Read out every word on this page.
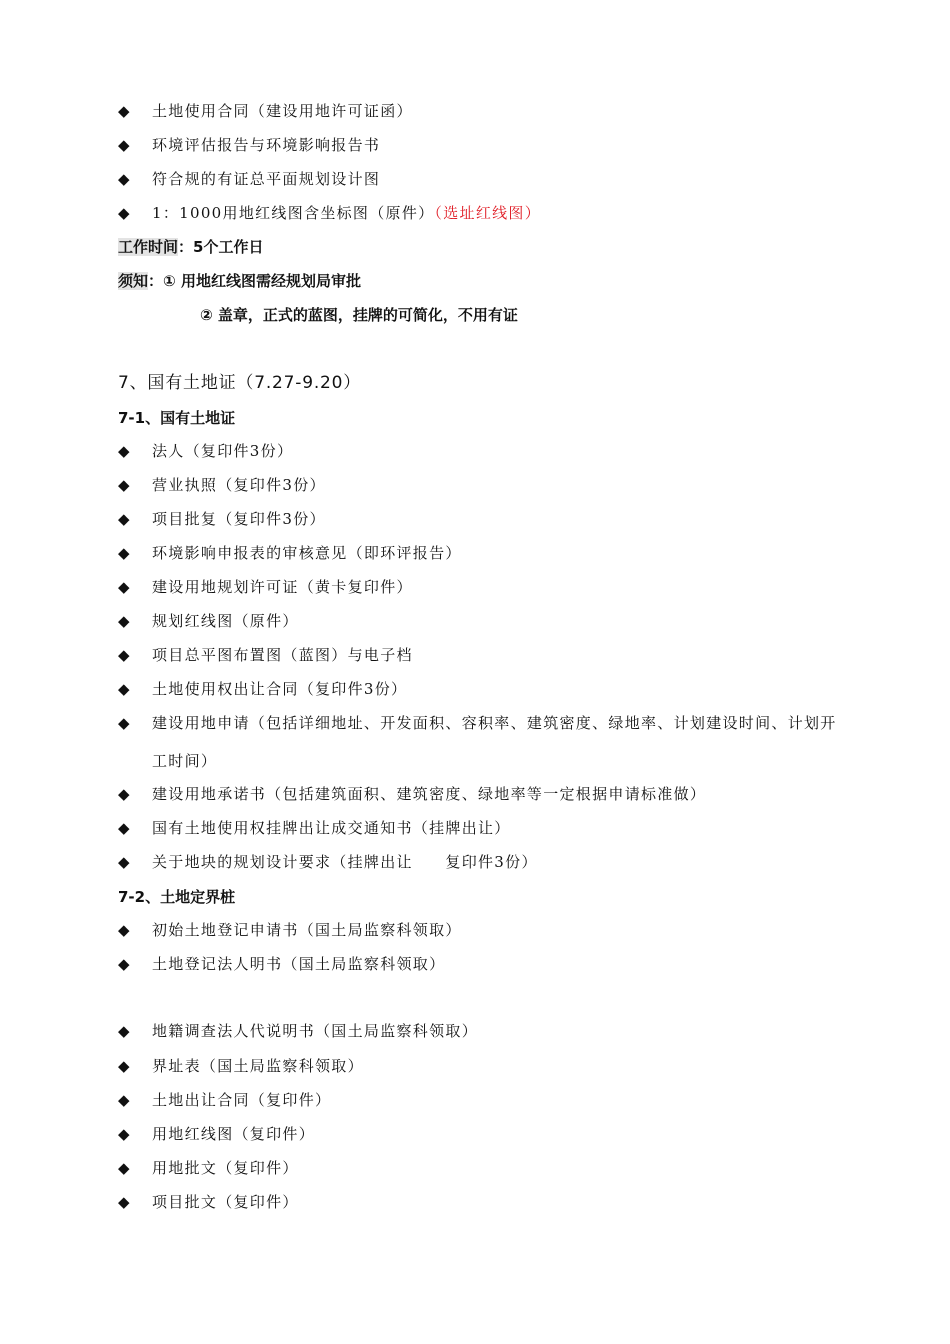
◆ 土地使用合同（建设用地许可证函）
◆ 环境评估报告与环境影响报告书
◆ 符合规的有证总平面规划设计图
◆ 1：1000用地红线图含坐标图（原件）（选址红线图）
工作时间：5个工作日
须知：① 用地红线图需经规划局审批
② 盖章，正式的蓝图，挂牌的可简化，不用有证
7、国有土地证（7.27-9.20）
7-1、国有土地证
◆ 法人（复印件3份）
◆ 营业执照（复印件3份）
◆ 项目批复（复印件3份）
◆ 环境影响申报表的审核意见（即环评报告）
◆ 建设用地规划许可证（黄卡复印件）
◆ 规划红线图（原件）
◆ 项目总平图布置图（蓝图）与电子档
◆ 土地使用权出让合同（复印件3份）
◆	建设用地申请（包括详细地址、开发面积、容积率、建筑密度、绿地率、计划建设时间、计划开工时间）
◆ 建设用地承诺书（包括建筑面积、建筑密度、绿地率等一定根据申请标准做）
◆ 国有土地使用权挂牌出让成交通知书（挂牌出让）
◆ 关于地块的规划设计要求（挂牌出让　　复印件3份）
7-2、土地定界桩
◆ 初始土地登记申请书（国土局监察科领取）
◆ 土地登记法人明书（国土局监察科领取）
◆ 地籍调查法人代说明书（国土局监察科领取）
◆ 界址表（国土局监察科领取）
◆ 土地出让合同（复印件）
◆ 用地红线图（复印件）
◆ 用地批文（复印件）
◆ 项目批文（复印件）
